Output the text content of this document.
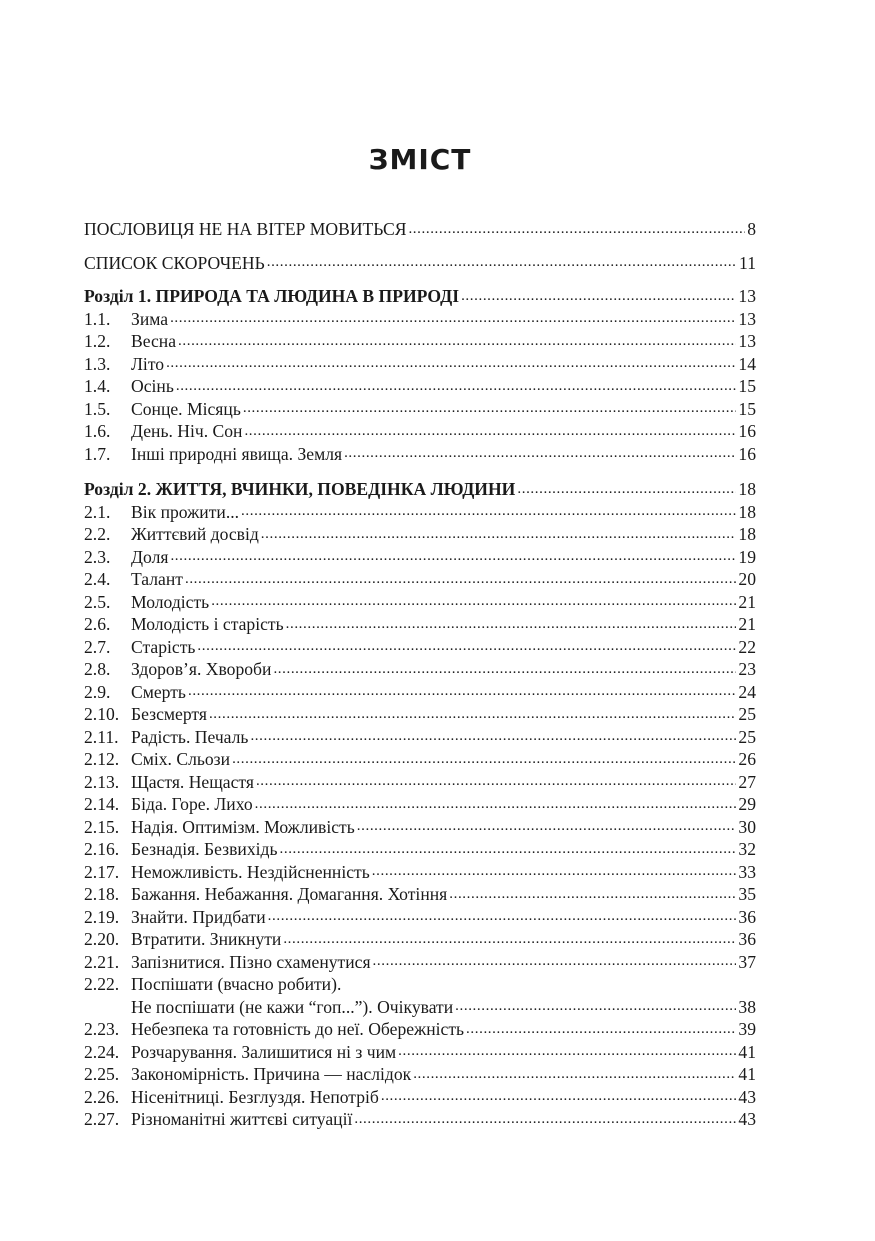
ЗМІСТ
ПОСЛОВИЦЯ НЕ НА ВІТЕР МОВИТЬСЯ .....	8
СПИСОК СКОРОЧЕНЬ .....	11
Розділ 1. ПРИРОДА ТА ЛЮДИНА В ПРИРОДІ .....	13
1.1.	Зима .....	13
1.2.	Весна .....	13
1.3.	Літо .....	14
1.4.	Осінь .....	15
1.5.	Сонце. Місяць .....	15
1.6.	День. Ніч. Сон .....	16
1.7.	Інші природні явища. Земля .....	16
Розділ 2. ЖИТТЯ, ВЧИНКИ, ПОВЕДІНКА ЛЮДИНИ .....	18
2.1.	Вік прожити... .....	18
2.2.	Життєвий досвід .....	18
2.3.	Доля .....	19
2.4.	Талант .....	20
2.5.	Молодість .....	21
2.6.	Молодість і старість .....	21
2.7.	Старість .....	22
2.8.	Здоров’я. Хвороби .....	23
2.9.	Смерть .....	24
2.10. Безсмертя .....	25
2.11. Радість. Печаль .....	25
2.12. Сміх. Сльози .....	26
2.13. Щастя. Нещастя .....	27
2.14. Біда. Горе. Лихо .....	29
2.15. Надія. Оптимізм. Можливість .....	30
2.16. Безнадія. Безвихідь .....	32
2.17. Неможливість. Нездійсненність .....	33
2.18. Бажання. Небажання. Домагання. Хотіння .....	35
2.19. Знайти. Придбати .....	36
2.20. Втратити. Зникнути .....	36
2.21. Запізнитися. Пізно схаменутися .....	37
2.22. Поспішати (вчасно робити).
Не поспішати (не кажи “гоп...”). Очікувати .....	38
2.23. Небезпека та готовність до неї. Обережність .....	39
2.24. Розчарування. Залишитися ні з чим .....	41
2.25. Закономірність. Причина — наслідок .....	41
2.26. Нісенітниці. Безглуздя. Непотріб .....	43
2.27. Різноманітні життєві ситуації .....	43
